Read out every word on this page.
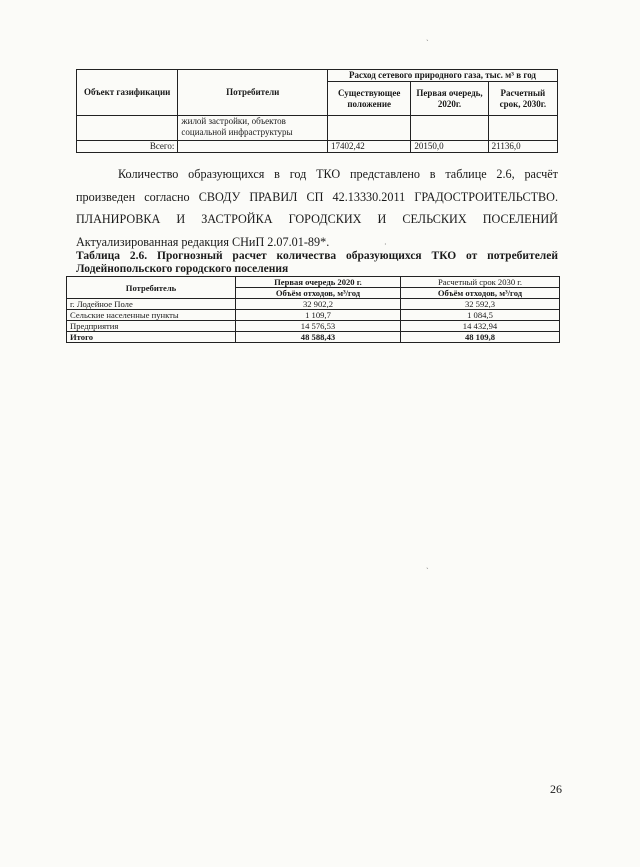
ˎ
Объект газификации	Потребители	Расход сетевого природного газа, тыс. м³ в год		
		Существующее положение	Первая очередь, 2020г.	Расчетный срок, 2030г.
	жилой застройки, объектов социальной инфраструктуры			
Всего:		17402,42	20150,0	21136,0

Количество образующихся в год ТКО представлено в таблице 2.6, расчёт произведен согласно СВОДУ ПРАВИЛ СП 42.13330.2011 ГРАДОСТРОИТЕЛЬСТВО. ПЛАНИРОВКА И ЗАСТРОЙКА ГОРОДСКИХ И СЕЛЬСКИХ ПОСЕЛЕНИЙ Актуализированная редакция СНиП 2.07.01-89*.	·
Таблица 2.6. Прогнозный расчет количества образующихся ТКО от потребителей Лодейнопольского городского поселения
Потребитель	Первая очередь 2020 г.	Расчетный срок 2030 г.
	Объём отходов, м³/год	Объём отходов, м³/год
г. Лодейное Поле	32 902,2	32 592,3
Сельские населенные пункты	1 109,7	1 084,5
Предприятия	14 576,53	14 432,94
Итого	48 588,43	48 109,8
ˎ
26
